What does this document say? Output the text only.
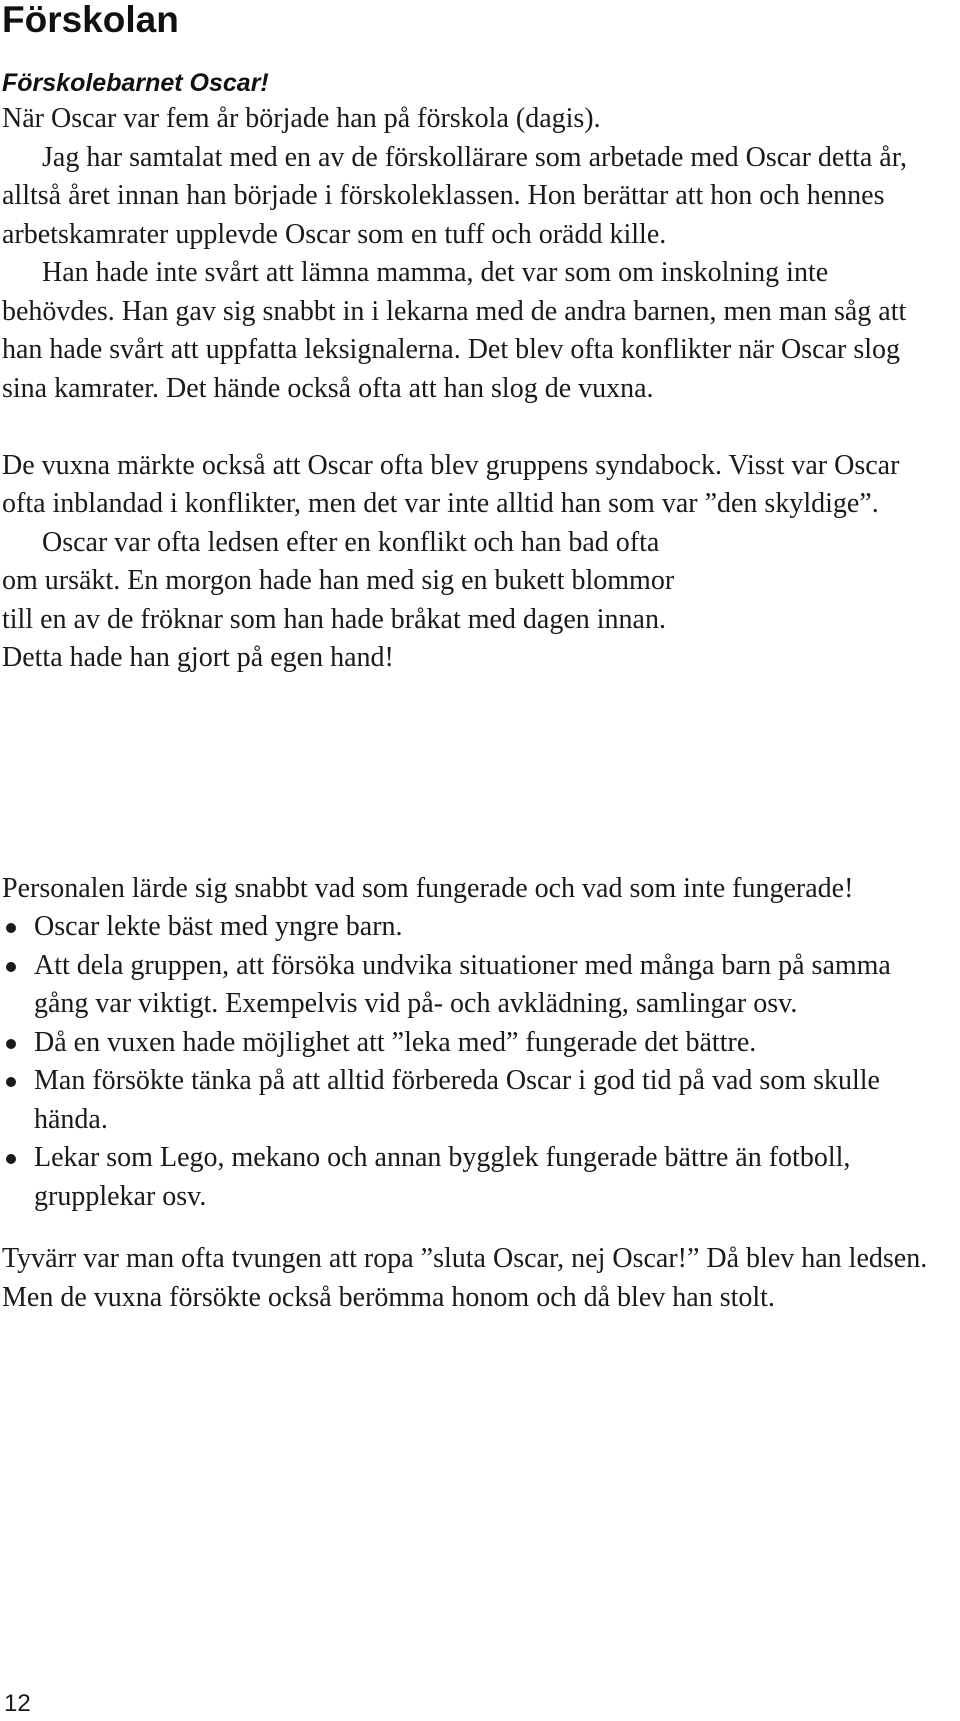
Förskolan

Förskolebarnet Oscar!

När Oscar var fem år började han på förskola (dagis).

Jag har samtalat med en av de förskollärare som arbetade med Oscar detta år, alltså året innan han började i förskoleklassen. Hon berättar att hon och hennes arbetskamrater upplevde Oscar som en tuff och orädd kille.

Han hade inte svårt att lämna mamma, det var som om inskolning inte behövdes. Han gav sig snabbt in i lekarna med de andra barnen, men man såg att han hade svårt att uppfatta leksignalerna. Det blev ofta konflikter när Oscar slog sina kamrater. Det hände också ofta att han slog de vuxna.

De vuxna märkte också att Oscar ofta blev gruppens syndabock. Visst var Oscar ofta inblandad i konflikter, men det var inte alltid han som var ”den skyldige”.

Oscar var ofta ledsen efter en konflikt och han bad ofta om ursäkt. En morgon hade han med sig en bukett blommor till en av de fröknar som han hade bråkat med dagen innan. Detta hade han gjort på egen hand!

Personalen lärde sig snabbt vad som fungerade och vad som inte fungerade!

Oscar lekte bäst med yngre barn.
Att dela gruppen, att försöka undvika situationer med många barn på samma gång var viktigt. Exempelvis vid på- och avklädning, samlingar osv.
Då en vuxen hade möjlighet att ”leka med” fungerade det bättre.
Man försökte tänka på att alltid förbereda Oscar i god tid på vad som skulle hända.
Lekar som Lego, mekano och annan bygglek fungerade bättre än fotboll, grupplekar osv.

Tyvärr var man ofta tvungen att ropa ”sluta Oscar, nej Oscar!” Då blev han ledsen. Men de vuxna försökte också berömma honom och då blev han stolt.

12
